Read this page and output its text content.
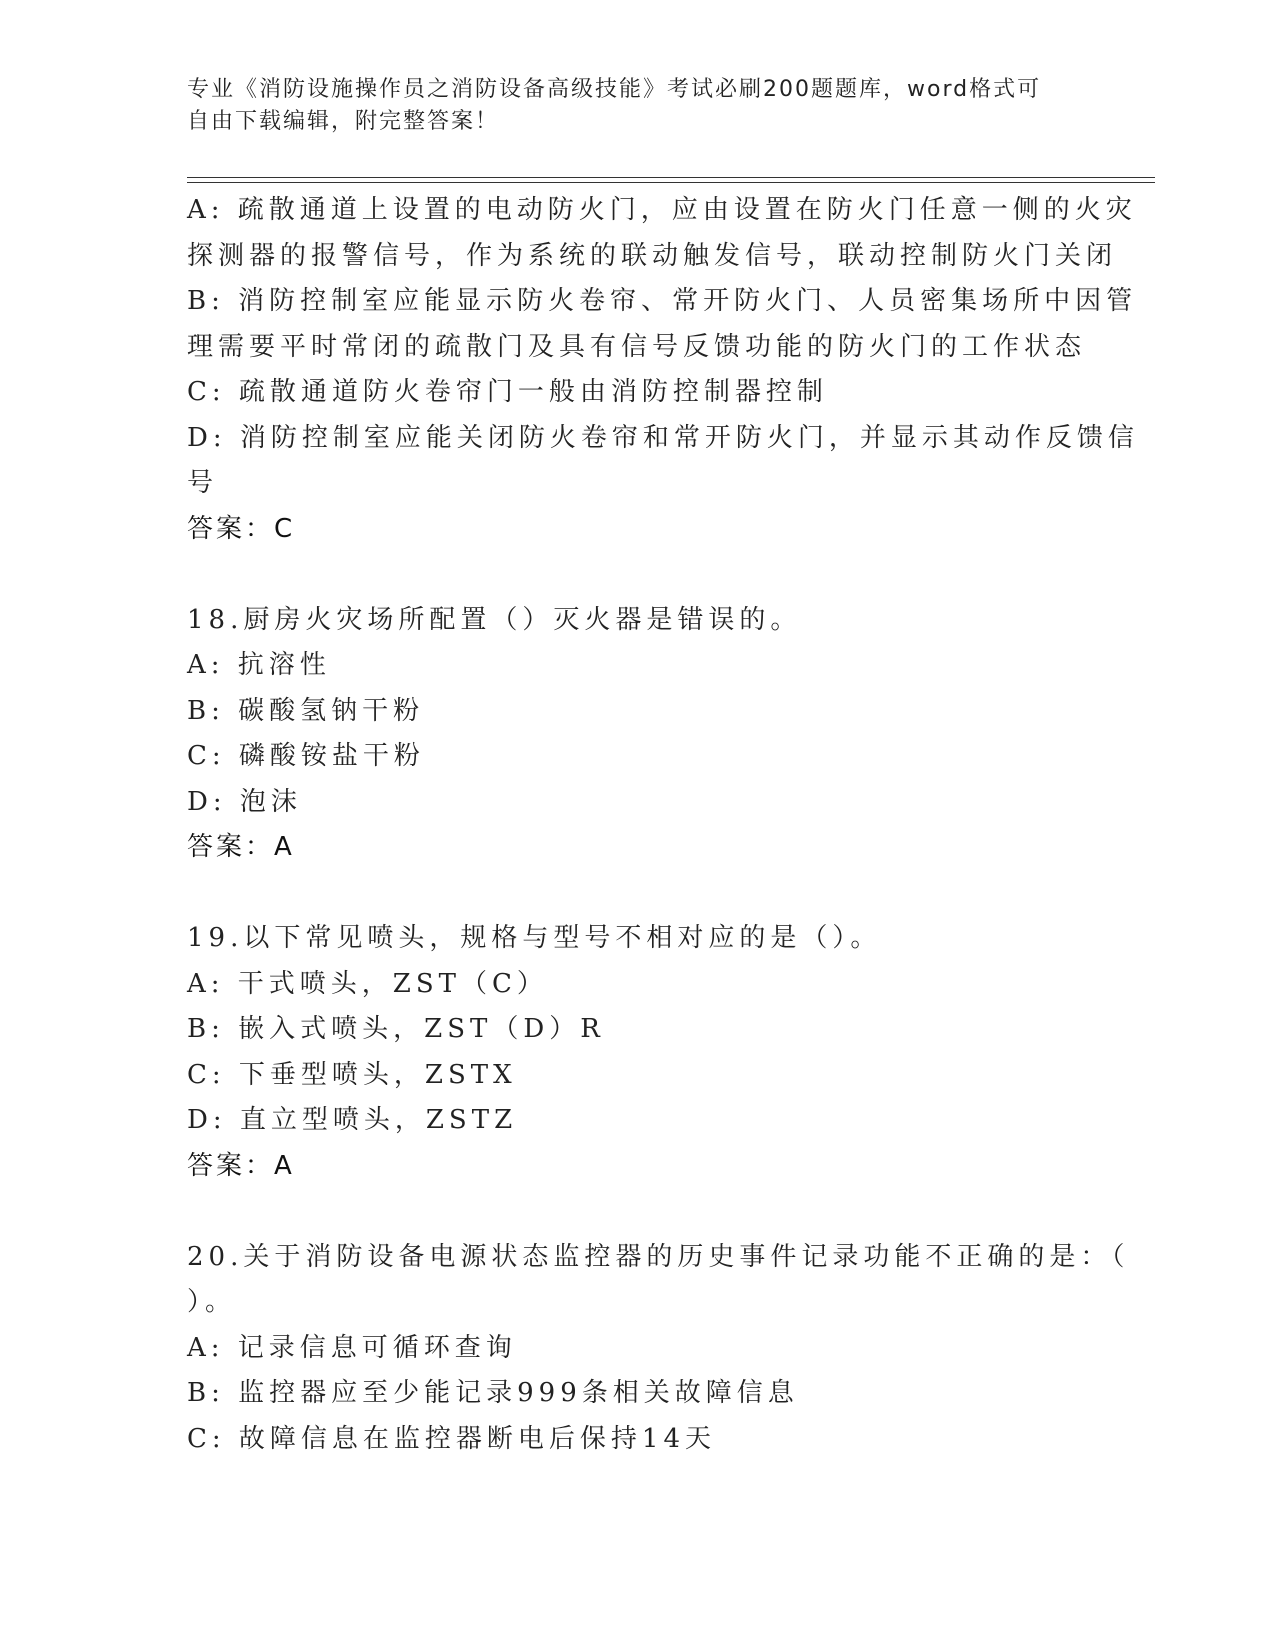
专业《消防设施操作员之消防设备高级技能》考试必刷200题题库，word格式可
自由下载编辑，附完整答案！
A: 疏散通道上设置的电动防火门，应由设置在防火门任意一侧的火灾
探测器的报警信号，作为系统的联动触发信号，联动控制防火门关闭
B: 消防控制室应能显示防火卷帘、常开防火门、人员密集场所中因管
理需要平时常闭的疏散门及具有信号反馈功能的防火门的工作状态
C: 疏散通道防火卷帘门一般由消防控制器控制
D: 消防控制室应能关闭防火卷帘和常开防火门，并显示其动作反馈信
号
答案：C
18.厨房火灾场所配置（）灭火器是错误的。
A: 抗溶性
B: 碳酸氢钠干粉
C: 磷酸铵盐干粉
D: 泡沫
答案：A
19.以下常见喷头，规格与型号不相对应的是（）。
A: 干式喷头，ZST（C）
B: 嵌入式喷头，ZST（D）R
C: 下垂型喷头，ZSTX
D: 直立型喷头，ZSTZ
答案：A
20.关于消防设备电源状态监控器的历史事件记录功能不正确的是：（
）。
A: 记录信息可循环查询
B: 监控器应至少能记录999条相关故障信息
C: 故障信息在监控器断电后保持14天
